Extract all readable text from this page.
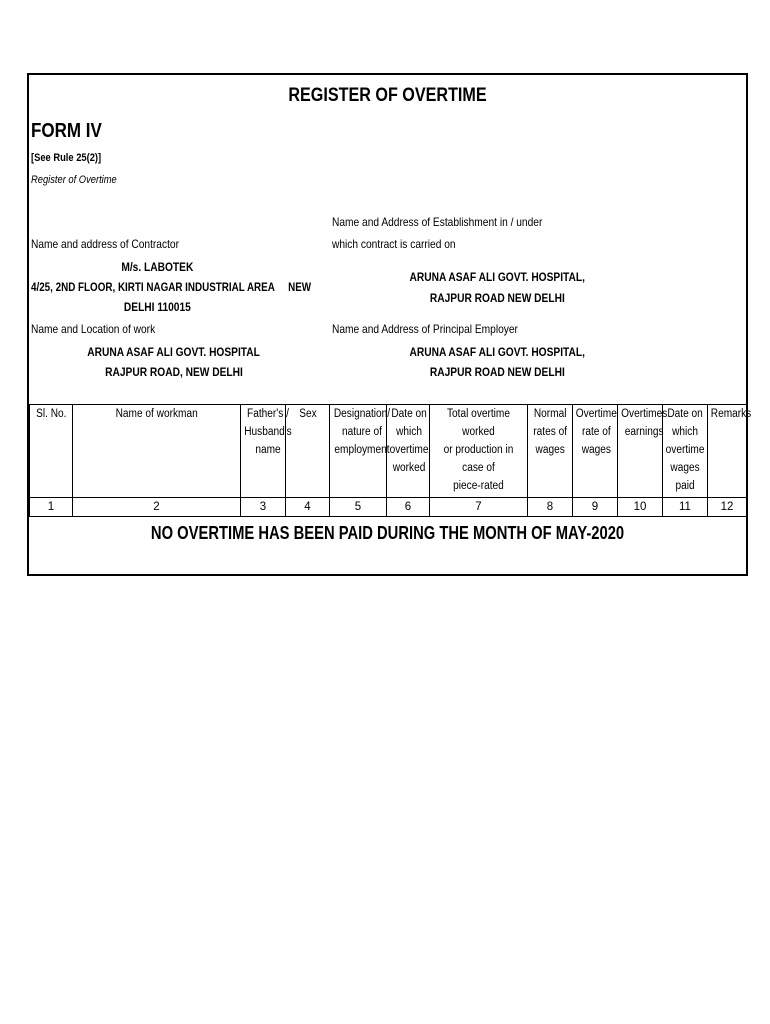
REGISTER OF OVERTIME
FORM IV
[See Rule 25(2)]
Register of Overtime
Name and Address of Establishment in / under
which contract is carried on
Name and address of Contractor
M/s. LABOTEK
4/25, 2ND FLOOR, KIRTI NAGAR INDUSTRIAL AREA     NEW
DELHI 110015
ARUNA ASAF ALI GOVT. HOSPITAL,
RAJPUR ROAD NEW DELHI
Name and Location of work	Name and Address of Principal Employer
ARUNA ASAF ALI GOVT. HOSPITAL
RAJPUR ROAD, NEW DELHI
ARUNA ASAF ALI GOVT. HOSPITAL,
RAJPUR ROAD NEW DELHI
Sl. No.	Name of workman	Father's /
Husband's
name	Sex	Designation/
nature of
employment	Date on
which
overtime
worked	Total overtime worked
or production in case of
piece-rated	Normal
rates of
wages	Overtime
rate of
wages	Overtimes
earnings	Date on
which
overtime
wages
paid	Remarks
1	2	3	4	5	6	7	8	9	10	11	12
NO OVERTIME HAS BEEN PAID DURING THE MONTH OF MAY-2020
